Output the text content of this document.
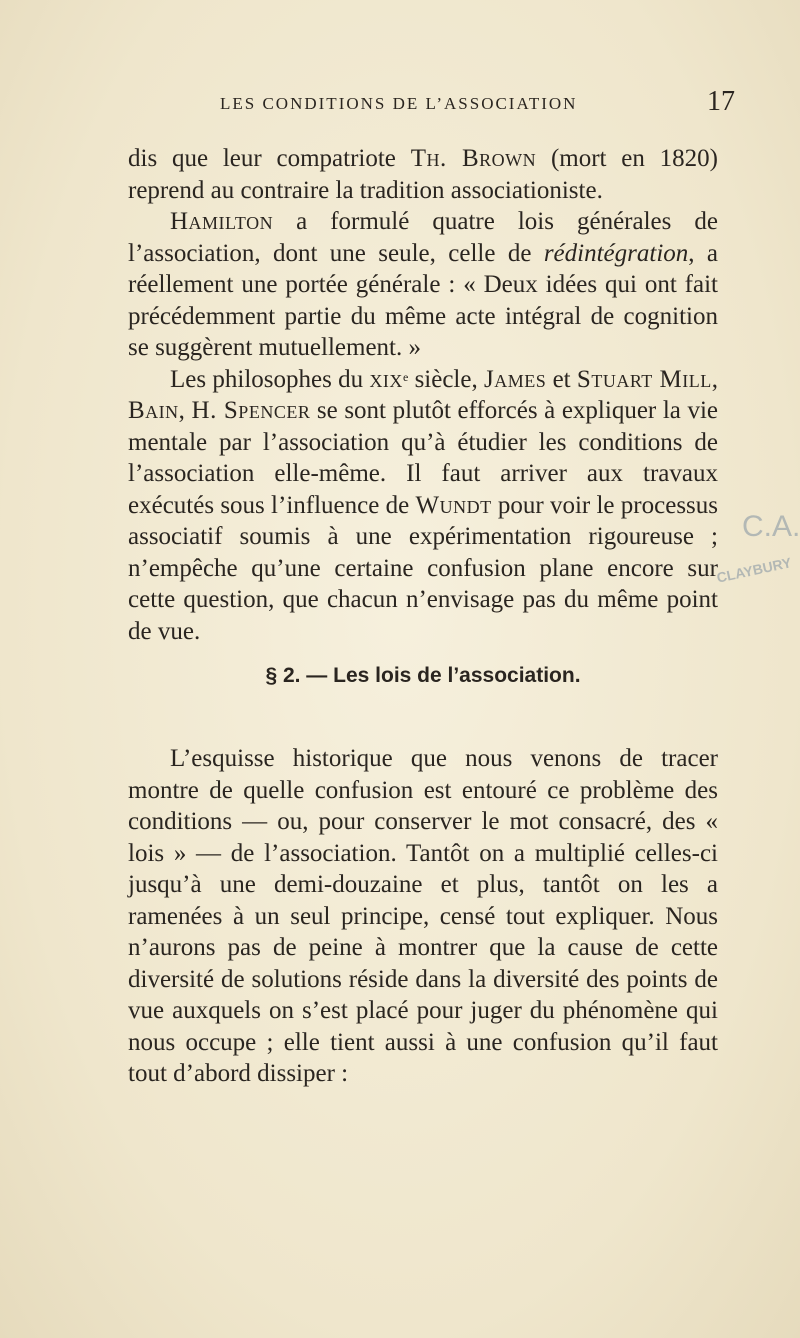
LES CONDITIONS DE L’ASSOCIATION	17

dis que leur compatriote Th. Brown (mort en 1820) reprend au contraire la tradition associationiste.

Hamilton a formulé quatre lois générales de l’association, dont une seule, celle de rédintégration, a réellement une portée générale : « Deux idées qui ont fait précédemment partie du même acte intégral de cognition se suggèrent mutuellement. »

Les philosophes du xix$^e$ siècle, James et Stuart Mill, Bain, H. Spencer se sont plutôt efforcés à expliquer la vie mentale par l’association qu’à étudier les conditions de l’association elle-même. Il faut arriver aux travaux exécutés sous l’influence de Wundt pour voir le processus associatif soumis à une expérimentation rigoureuse ; n’empêche qu’une certaine confusion plane encore sur cette question, que chacun n’envisage pas du même point de vue.

§ 2. — Les lois de l’association.

L’esquisse historique que nous venons de tracer montre de quelle confusion est entouré ce problème des conditions — ou, pour conserver le mot consacré, des « lois » — de l’association. Tantôt on a multiplié celles-ci jusqu’à une demi-douzaine et plus, tantôt on les a ramenées à un seul principe, censé tout expliquer. Nous n’aurons pas de peine à montrer que la cause de cette diversité de solutions réside dans la diversité des points de vue auxquels on s’est placé pour juger du phénomène qui nous occupe ; elle tient aussi à une confusion qu’il faut tout d’abord dissiper :

C.A.
CLAYBURY
